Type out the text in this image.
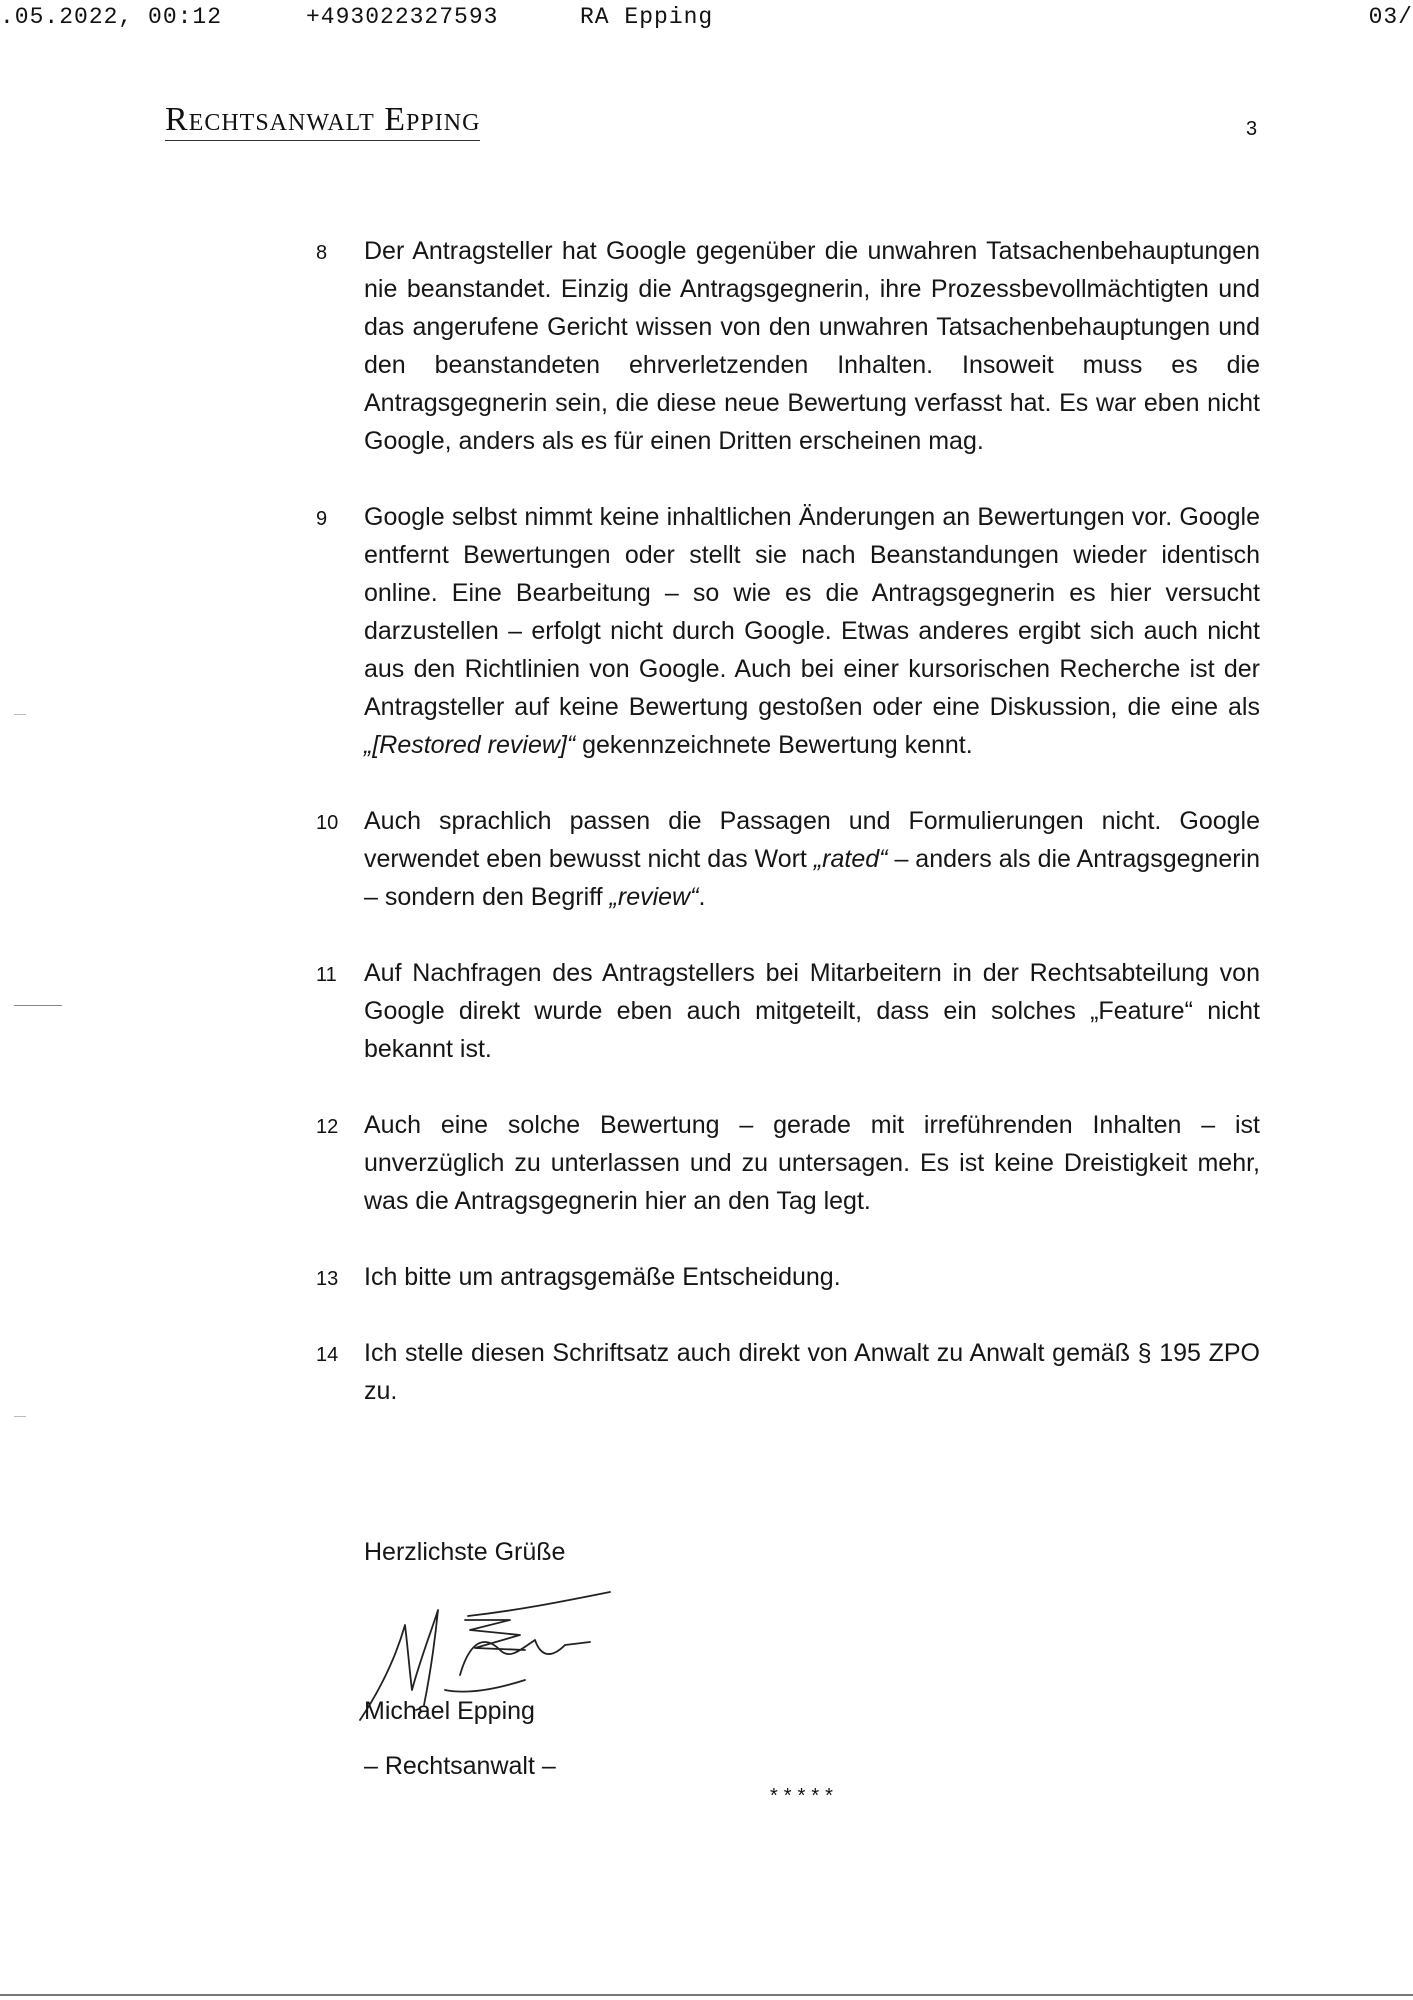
.05.2022, 00:12	+493022327593	RA Epping	03/
Rechtsanwalt Epping	3
8 Der Antragsteller hat Google gegenüber die unwahren Tatsachenbehauptungen nie beanstandet. Einzig die Antragsgegnerin, ihre Prozessbevollmächtigten und das angerufene Gericht wissen von den unwahren Tatsachenbehauptungen und den beanstandeten ehrverletzenden Inhalten. Insoweit muss es die Antragsgegnerin sein, die diese neue Bewertung verfasst hat. Es war eben nicht Google, anders als es für einen Dritten erscheinen mag.
9 Google selbst nimmt keine inhaltlichen Änderungen an Bewertungen vor. Google entfernt Bewertungen oder stellt sie nach Beanstandungen wieder identisch online. Eine Bearbeitung – so wie es die Antragsgegnerin es hier versucht darzustellen – erfolgt nicht durch Google. Etwas anderes ergibt sich auch nicht aus den Richtlinien von Google. Auch bei einer kursorischen Recherche ist der Antragsteller auf keine Bewertung gestoßen oder eine Diskussion, die eine als „[Restored review]“ gekennzeichnete Bewertung kennt.
10 Auch sprachlich passen die Passagen und Formulierungen nicht. Google verwendet eben bewusst nicht das Wort „rated“ – anders als die Antragsgegnerin – sondern den Begriff „review“.
11 Auf Nachfragen des Antragstellers bei Mitarbeitern in der Rechtsabteilung von Google direkt wurde eben auch mitgeteilt, dass ein solches „Feature“ nicht bekannt ist.
12 Auch eine solche Bewertung – gerade mit irreführenden Inhalten – ist unverzüglich zu unterlassen und zu untersagen. Es ist keine Dreistigkeit mehr, was die Antragsgegnerin hier an den Tag legt.
13 Ich bitte um antragsgemäße Entscheidung.
14 Ich stelle diesen Schriftsatz auch direkt von Anwalt zu Anwalt gemäß § 195 ZPO zu.
Herzlichste Grüße
Michael Epping
– Rechtsanwalt –
*****
